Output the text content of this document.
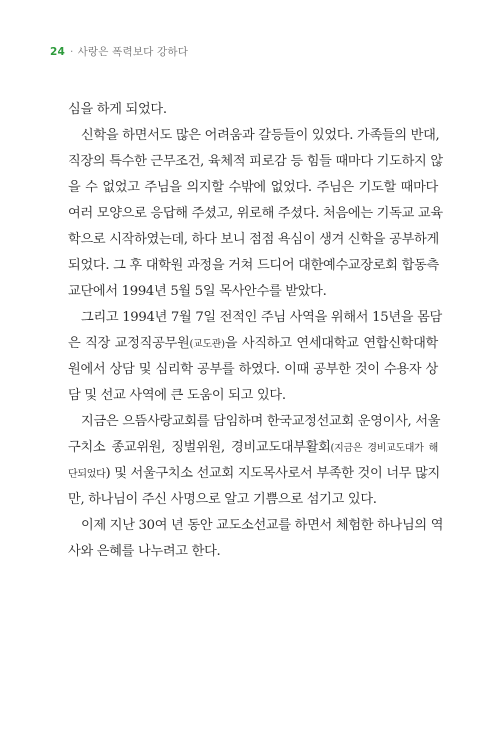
24 · 사랑은 폭력보다 강하다
심을 하게 되었다.
신학을 하면서도 많은 어려움과 갈등들이 있었다. 가족들의 반대,
직장의 특수한 근무조건, 육체적 피로감 등 힘들 때마다 기도하지 않
을 수 없었고 주님을 의지할 수밖에 없었다. 주님은 기도할 때마다
여러 모양으로 응답해 주셨고, 위로해 주셨다. 처음에는 기독교 교육
학으로 시작하였는데, 하다 보니 점점 욕심이 생겨 신학을 공부하게
되었다. 그 후 대학원 과정을 거쳐 드디어 대한예수교장로회 합동측
교단에서 1994년 5월 5일 목사안수를 받았다.
그리고 1994년 7월 7일 전적인 주님 사역을 위해서 15년을 몸담
은 직장 교정직공무원(교도관)을 사직하고 연세대학교 연합신학대학
원에서 상담 및 심리학 공부를 하였다. 이때 공부한 것이 수용자 상
담 및 선교 사역에 큰 도움이 되고 있다.
지금은 으뜸사랑교회를 담임하며 한국교정선교회 운영이사, 서울
구치소 종교위원, 징벌위원, 경비교도대부활회(지금은 경비교도대가 해
단되었다) 및 서울구치소 선교회 지도목사로서 부족한 것이 너무 많지
만, 하나님이 주신 사명으로 알고 기쁨으로 섬기고 있다.
이제 지난 30여 년 동안 교도소선교를 하면서 체험한 하나님의 역
사와 은혜를 나누려고 한다.
